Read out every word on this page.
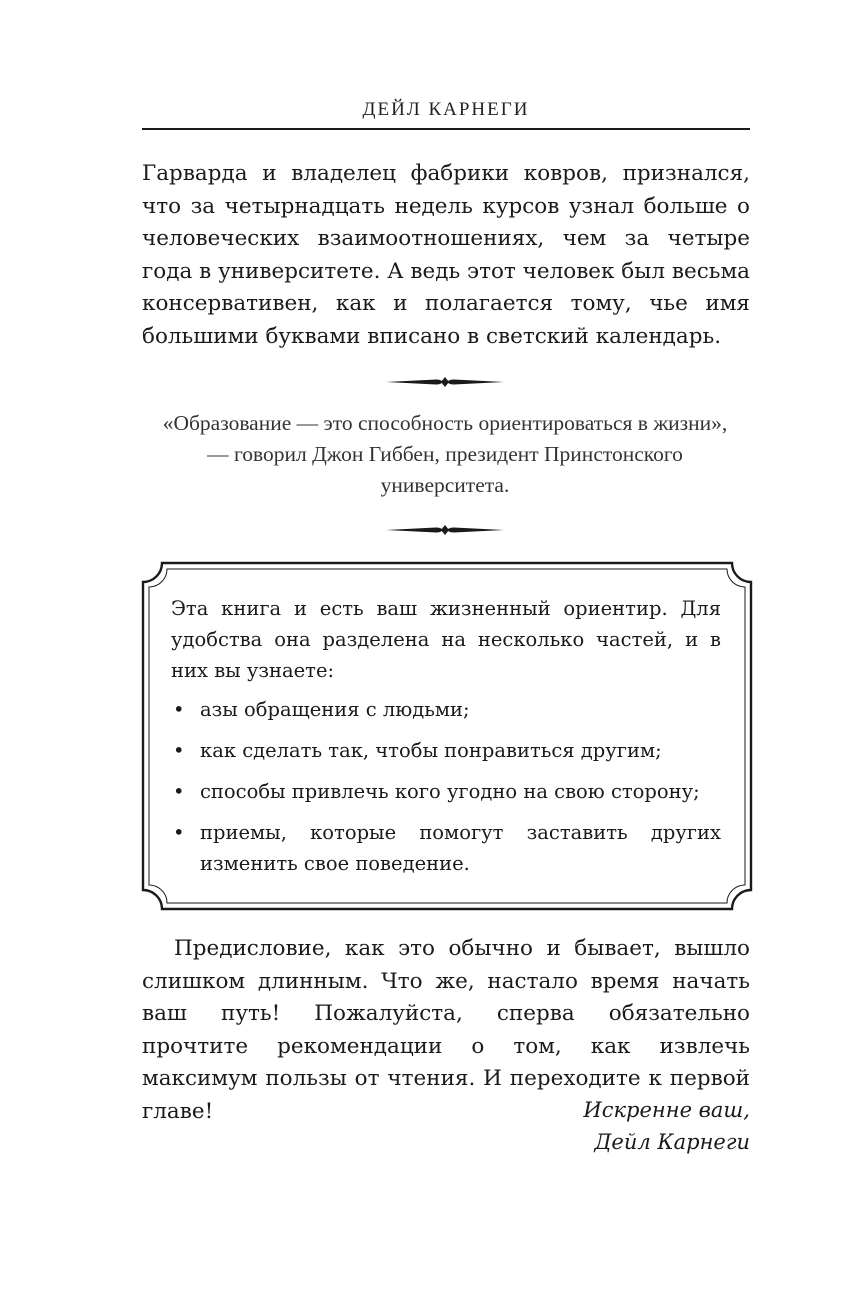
ДЕЙЛ КАРНЕГИ

Гарварда и владелец фабрики ковров, признался, что за четырнадцать недель курсов узнал больше о человеческих взаимоотношениях, чем за четыре года в университете. А ведь этот человек был весьма консервативен, как и полагается тому, чье имя большими буквами вписано в светский календарь.

«Образование — это способность ориентироваться в жизни», — говорил Джон Гиббен, президент Принстонского университета.

Эта книга и есть ваш жизненный ориентир. Для удобства она разделена на несколько частей, и в них вы узнаете:

• азы обращения с людьми;
• как сделать так, чтобы понравиться другим;
• способы привлечь кого угодно на свою сторону;
• приемы, которые помогут заставить других изменить свое поведение.

Предисловие, как это обычно и бывает, вышло слишком длинным. Что же, настало время начать ваш путь! Пожалуйста, сперва обязательно прочтите рекомендации о том, как извлечь максимум пользы от чтения. И переходите к первой главе!	Искренне ваш,
Дейл Карнеги
